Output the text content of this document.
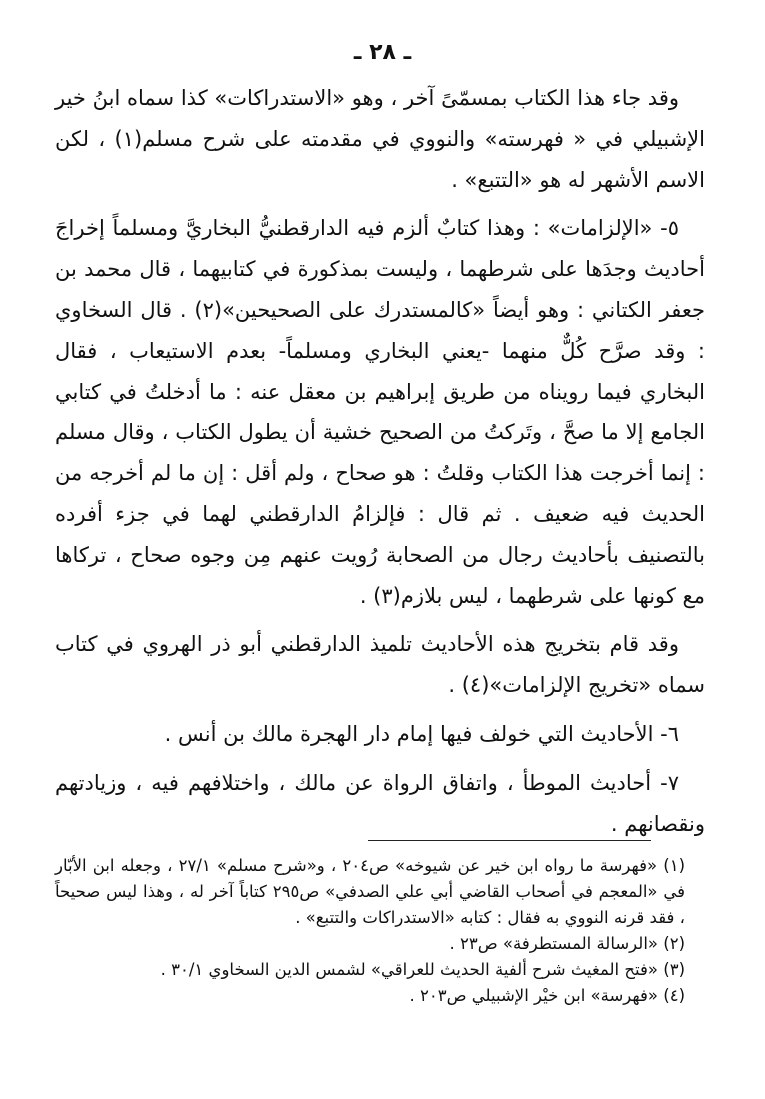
ـ ٢٨ ـ

وقد جاء هذا الكتاب بمسمّىً آخر ، وهو «الاستدراكات» كذا سماه ابنُ خير الإشبيلي في « فهرسته» والنووي في مقدمته على شرح مسلم(١) ، لكن الاسم الأشهر له هو «التتبع» .

٥- «الإلزامات» : وهذا كتابٌ ألزم فيه الدارقطنيُّ البخاريَّ ومسلماً إخراجَ أحاديث وجدَها على شرطهما ، وليست بمذكورة في كتابيهما ، قال محمد بن جعفر الكتاني : وهو أيضاً «كالمستدرك على الصحيحين»(٢) . قال السخاوي : وقد صرَّح كُلٌّ منهما -يعني البخاري ومسلماً- بعدم الاستيعاب ، فقال البخاري فيما رويناه من طريق إبراهيم بن معقل عنه : ما أدخلتُ في كتابي الجامع إلا ما صحَّ ، وتَركتُ من الصحيح خشية أن يطول الكتاب ، وقال مسلم : إنما أخرجت هذا الكتاب وقلتُ : هو صحاح ، ولم أقل : إن ما لم أخرجه من الحديث فيه ضعيف . ثم قال : فإلزامُ الدارقطني لهما في جزء أفرده بالتصنيف بأحاديث رجال من الصحابة رُويت عنهم مِن وجوه صحاح ، تركاها مع كونها على شرطهما ، ليس بلازم(٣) .

وقد قام بتخريج هذه الأحاديث تلميذ الدارقطني أبو ذر الهروي في كتاب سماه «تخريج الإلزامات»(٤) .

٦- الأحاديث التي خولف فيها إمام دار الهجرة مالك بن أنس .

٧- أحاديث الموطأ ، واتفاق الرواة عن مالك ، واختلافهم فيه ، وزيادتهم ونقصانهم .

(١) «فهرسة ما رواه ابن خير عن شيوخه» ص٢٠٤ ، و«شرح مسلم» ٢٧/١ ، وجعله ابن الأبّار في «المعجم في أصحاب القاضي أبي علي الصدفي» ص٢٩٥ كتاباً آخر له ، وهذا ليس صحيحاً ، فقد قرنه النووي به فقال : كتابه «الاستدراكات والتتبع» .

(٢) «الرسالة المستطرفة» ص٢٣ .

(٣) «فتح المغيث شرح ألفية الحديث للعراقي» لشمس الدين السخاوي ٣٠/١ .

(٤) «فهرسة» ابن خيْر الإشبيلي ص٢٠٣ .
